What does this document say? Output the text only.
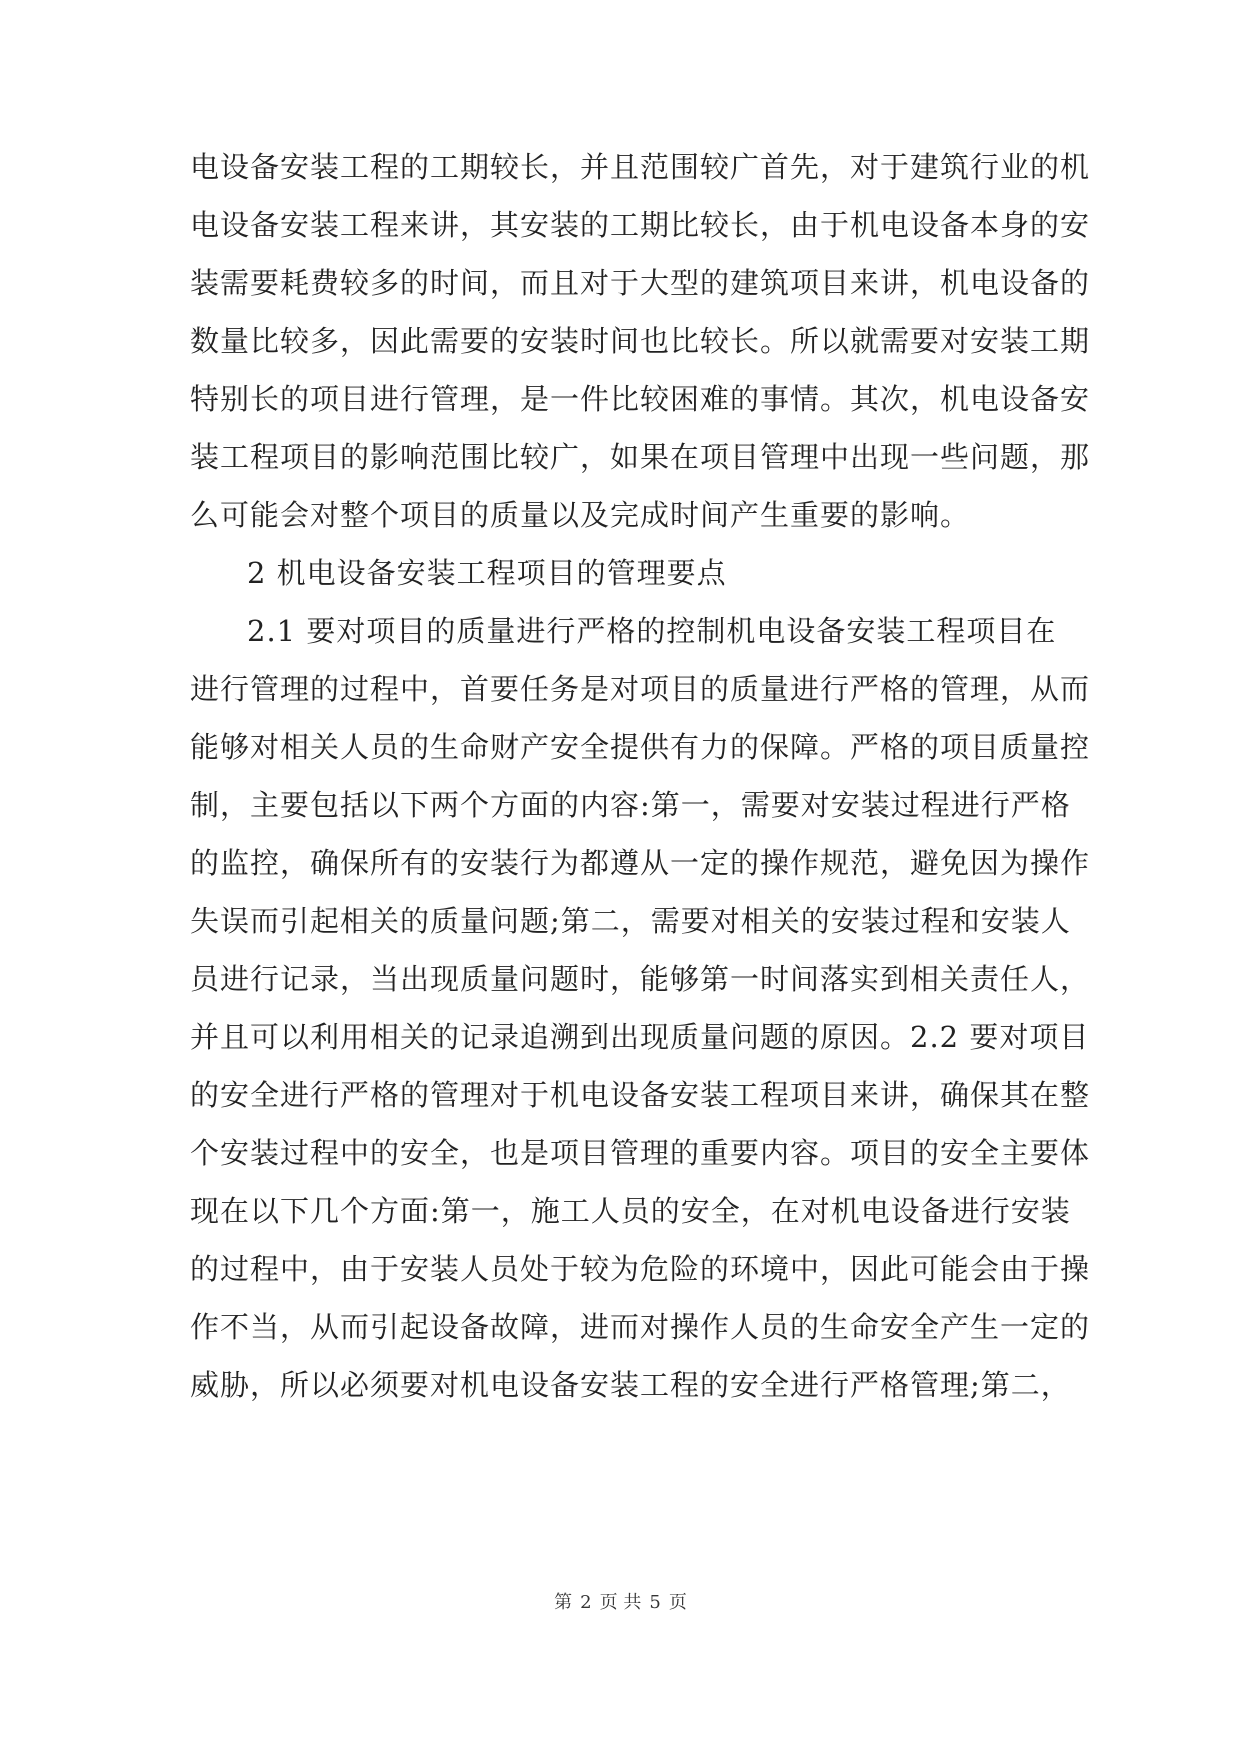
电设备安装工程的工期较长，并且范围较广首先，对于建筑行业的机
电设备安装工程来讲，其安装的工期比较长，由于机电设备本身的安
装需要耗费较多的时间，而且对于大型的建筑项目来讲，机电设备的
数量比较多，因此需要的安装时间也比较长。所以就需要对安装工期
特别长的项目进行管理，是一件比较困难的事情。其次，机电设备安
装工程项目的影响范围比较广，如果在项目管理中出现一些问题，那
么可能会对整个项目的质量以及完成时间产生重要的影响。
2 机电设备安装工程项目的管理要点
2.1 要对项目的质量进行严格的控制机电设备安装工程项目在
进行管理的过程中，首要任务是对项目的质量进行严格的管理，从而
能够对相关人员的生命财产安全提供有力的保障。严格的项目质量控
制，主要包括以下两个方面的内容:第一，需要对安装过程进行严格
的监控，确保所有的安装行为都遵从一定的操作规范，避免因为操作
失误而引起相关的质量问题;第二，需要对相关的安装过程和安装人
员进行记录，当出现质量问题时，能够第一时间落实到相关责任人，
并且可以利用相关的记录追溯到出现质量问题的原因。2.2 要对项目
的安全进行严格的管理对于机电设备安装工程项目来讲，确保其在整
个安装过程中的安全，也是项目管理的重要内容。项目的安全主要体
现在以下几个方面:第一，施工人员的安全，在对机电设备进行安装
的过程中，由于安装人员处于较为危险的环境中，因此可能会由于操
作不当，从而引起设备故障，进而对操作人员的生命安全产生一定的
威胁，所以必须要对机电设备安装工程的安全进行严格管理;第二，
第 2 页 共 5 页
